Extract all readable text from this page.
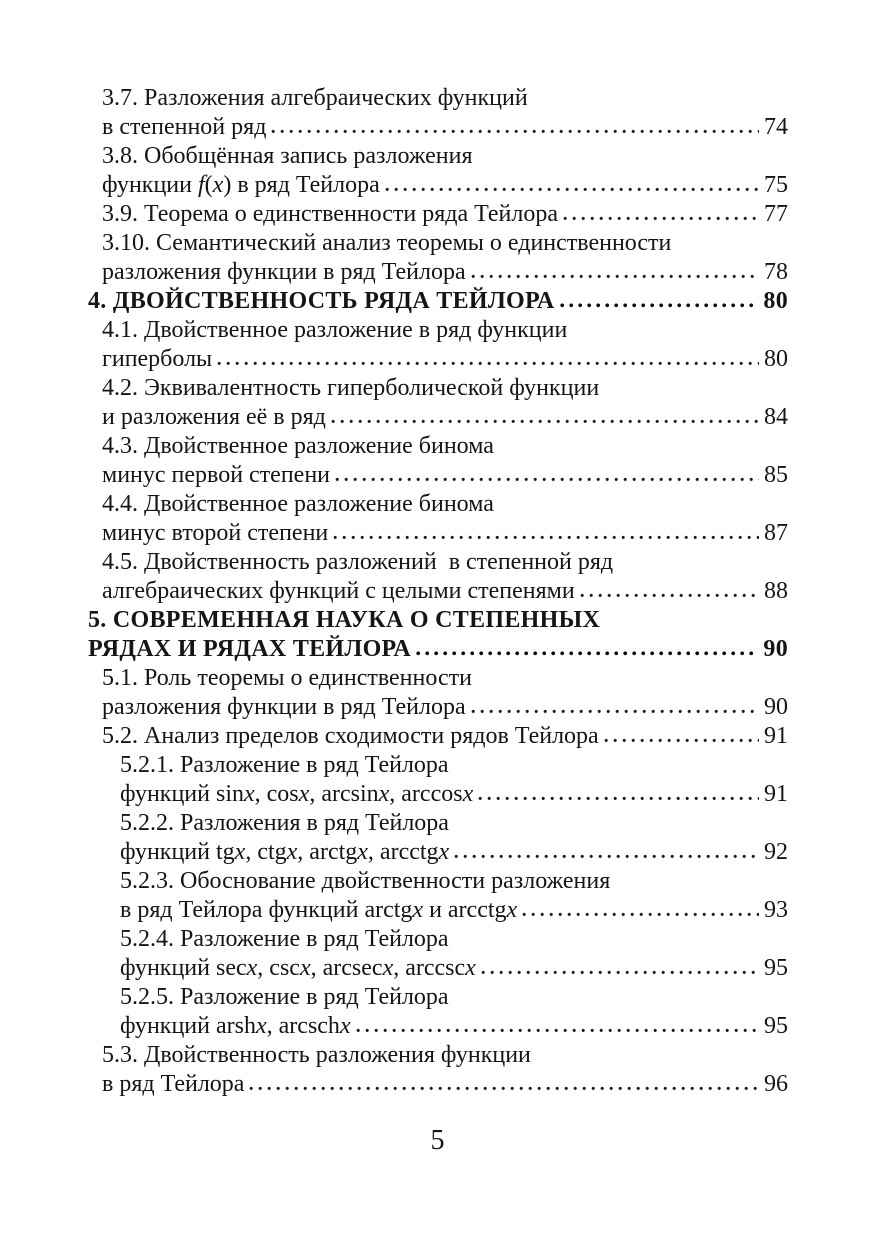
3.7. Разложения алгебраических функций
в степенной ряд	74
3.8. Обобщённая запись разложения
функции f(x) в ряд Тейлора	75
3.9. Теорема о единственности ряда Тейлора	77
3.10. Семантический анализ теоремы о единственности
разложения функции в ряд Тейлора	78
4. ДВОЙСТВЕННОСТЬ РЯДА ТЕЙЛОРА	80
4.1. Двойственное разложение в ряд функции
гиперболы	80
4.2. Эквивалентность гиперболической функции
и разложения её в ряд	84
4.3. Двойственное разложение бинома
минус первой степени	85
4.4. Двойственное разложение бинома
минус второй степени	87
4.5. Двойственность разложений  в степенной ряд
алгебраических функций с целыми степенями	88
5. СОВРЕМЕННАЯ НАУКА О СТЕПЕННЫХ
РЯДАХ И РЯДАХ ТЕЙЛОРА	90
5.1. Роль теоремы о единственности
разложения функции в ряд Тейлора	90
5.2. Анализ пределов сходимости рядов Тейлора	91
5.2.1. Разложение в ряд Тейлора
функций sinx, cosx, arcsinx, arccosx	91
5.2.2. Разложения в ряд Тейлора
функций tgx, ctgx, arctgx, arcctgx	92
5.2.3. Обоснование двойственности разложения
в ряд Тейлора функций arctgx и arcctgx	93
5.2.4. Разложение в ряд Тейлора
функций secx, cscx, arcsecx, arccscx	95
5.2.5. Разложение в ряд Тейлора
функций arshx, arcschx	95
5.3. Двойственность разложения функции
в ряд Тейлора	96
5
